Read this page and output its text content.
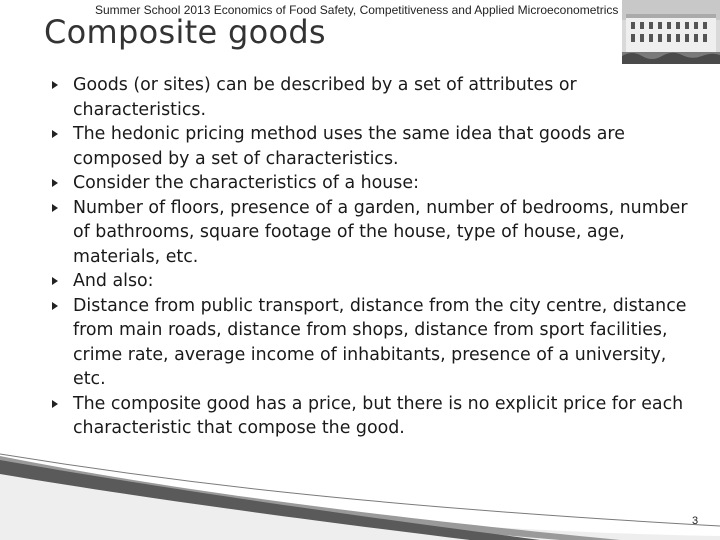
Summer School 2013 Economics of Food Safety, Competitiveness and Applied Microeconometrics
Composite goods
Goods (or sites) can be described by a set of attributes or characteristics.
The hedonic pricing method uses the same idea that goods are composed by a set of characteristics.
Consider the characteristics of a house:
Number of floors, presence of a garden, number of bedrooms, number of bathrooms, square footage of the house, type of house, age, materials, etc.
And also:
Distance from public transport, distance from the city centre, distance from main roads, distance from shops, distance from sport facilities, crime rate, average income of inhabitants, presence of a university, etc.
The composite good has a price, but there is no explicit price for each characteristic that compose the good.
3
